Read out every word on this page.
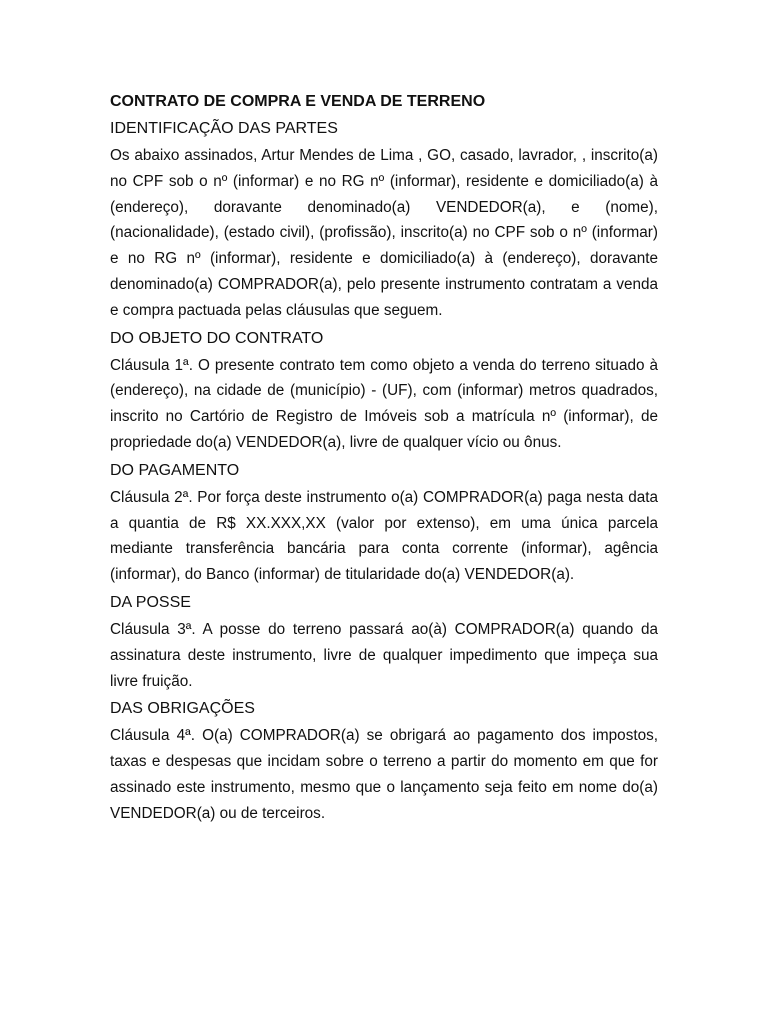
CONTRATO DE COMPRA E VENDA DE TERRENO
IDENTIFICAÇÃO DAS PARTES
Os abaixo assinados, Artur Mendes de Lima , GO, casado, lavrador, , inscrito(a) no CPF sob o nº (informar) e no RG nº (informar), residente e domiciliado(a) à (endereço), doravante denominado(a) VENDEDOR(a), e (nome), (nacionalidade), (estado civil), (profissão), inscrito(a) no CPF sob o nº (informar) e no RG nº (informar), residente e domiciliado(a) à (endereço), doravante denominado(a) COMPRADOR(a), pelo presente instrumento contratam a venda e compra pactuada pelas cláusulas que seguem.
DO OBJETO DO CONTRATO
Cláusula 1ª. O presente contrato tem como objeto a venda do terreno situado à (endereço), na cidade de (município) - (UF), com (informar) metros quadrados, inscrito no Cartório de Registro de Imóveis sob a matrícula nº (informar), de propriedade do(a) VENDEDOR(a), livre de qualquer vício ou ônus.
DO PAGAMENTO
Cláusula 2ª. Por força deste instrumento o(a) COMPRADOR(a) paga nesta data a quantia de R$ XX.XXX,XX (valor por extenso), em uma única parcela mediante transferência bancária para conta corrente (informar), agência (informar), do Banco (informar) de titularidade do(a) VENDEDOR(a).
DA POSSE
Cláusula 3ª. A posse do terreno passará ao(à) COMPRADOR(a) quando da assinatura deste instrumento, livre de qualquer impedimento que impeça sua livre fruição.
DAS OBRIGAÇÕES
Cláusula 4ª. O(a) COMPRADOR(a) se obrigará ao pagamento dos impostos, taxas e despesas que incidam sobre o terreno a partir do momento em que for assinado este instrumento, mesmo que o lançamento seja feito em nome do(a) VENDEDOR(a) ou de terceiros.
